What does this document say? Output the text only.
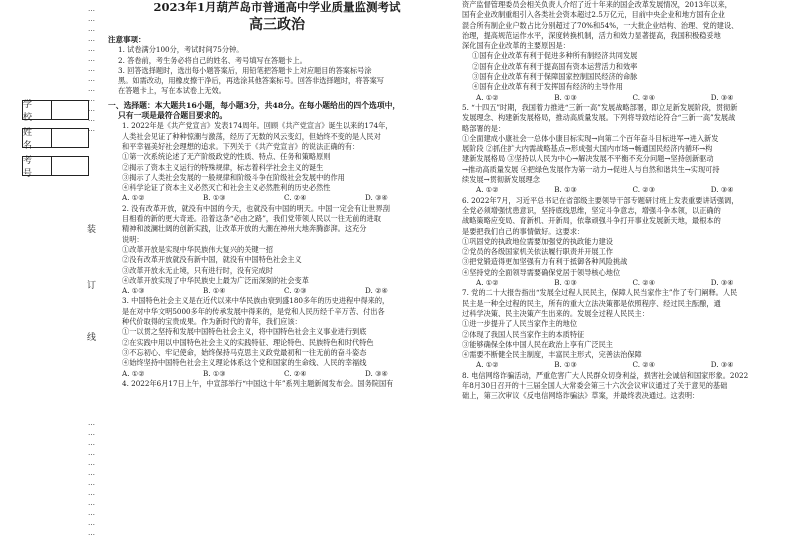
…
…
…
…
…
…
…
…
…
…
…
…
…
装
订
线
学 校
姓 名
考 号
…
…
…
…
…
…
…
…
…
…
…
…

2023年1月葫芦岛市普通高中学业质量监测考试

高三政治

注意事项：

1. 试卷满分100分，考试时间75分钟。

2. 答卷前，考生务必将自己的姓名、考号填写在答题卡上。

3. 回答选择题时，选出每小题答案后，用铅笔把答题卡上对应题目的答案标号涂

黑。如需改动，用橡皮擦干净后，再选涂其他答案标号。回答非选择题时，将答案写

在答题卡上，写在本试卷上无效。

一、选择题：本大题共16小题，每小题3分，共48分。在每小题给出的四个选项中，

只有一项是最符合题目要求的。

1. 2022年是《共产党宣言》发表174周年。回顾《共产党宣言》诞生以来的174年，

人类社会见证了种种惊潮与激荡，经历了无数的风云变幻，但始终不变的是人民对

和平幸福美好社会理想的追求。下列关于《共产党宣言》的说法正确的有：

①第一次系统论述了无产阶级政党的性质、特点、任务和策略原则

②揭示了资本主义运行的特殊规律，标志着科学社会主义的诞生

③揭示了人类社会发展的一般规律和阶级斗争在阶级社会发展中的作用

④科学论证了资本主义必然灭亡和社会主义必然胜利的历史必然性

A. ①②	B. ①③	C. ②④	D. ③④

2. 没有改革开放，就没有中国的今天，也就没有中国的明天。中国一定会有让世界刮

目相看的新的更大奇迹。沿着这条“必由之路”，我们党带领人民以一往无前的进取

精神和波澜壮阔的创新实践，让改革开放的大潮在神州大地奔腾澎湃。这充分

说明：

①改革开放是实现中华民族伟大复兴的关键一招

②没有改革开放就没有新中国，就没有中国特色社会主义

③改革开放永无止境，只有进行时，没有完成时

④改革开放实现了中华民族史上最为广泛而深刻的社会变革

A. ①③	B. ①④	C. ②③	D. ②④

3. 中国特色社会主义是在近代以来中华民族由衰到盛180多年的历史进程中得来的，

是在对中华文明5000多年的传承发展中得来的，是党和人民历经千辛万苦、付出各

种代价取得的宝贵成果。作为新时代的青年，我们应该：

①一以贯之坚持和发展中国特色社会主义，将中国特色社会主义事业进行到底

②在实践中用以中国特色社会主义的实践特征、理论特色、民族特色和时代特色

③不忘初心、牢记使命，始终保持马克思主义政党最初和一往无前的奋斗姿态

④始终坚持中国特色社会主义理论体系这个党和国家的生命线、人民的幸福线

A. ①②	B. ①③	C. ②④	D. ③④

4. 2022年6月17日上午，中宣部举行“中国这十年”系列主题新闻发布会。国务院国有

资产监督管理委员会相关负责人介绍了近十年来的国企改革发展情况，2013年以来，

国有企业改制重组引入各类社会资本超过2.5万亿元，目前中央企业和地方国有企业

混合所有制企业户数占比分别超过了70%和54%，一大批企业结构、治理、党的建设、

治理，提高规范运作水平，深度转换机制，活力和效力显著提高，我国积极稳妥地

深化国有企业改革的主要原因是：

①国有企业改革有利于促进多种所有制经济共同发展

②国有企业改革有利于提高国有资本运营活力和效率

③国有企业改革有利于保障国家控制国民经济的命脉

④国有企业改革有利于发挥国有经济的主导作用

A. ①②	B. ①③	C. ②④	D. ③④

5. “十四五”时期，我国着力推进“三新一高”发展战略部署，即立足新发展阶段，贯彻新

发展理念、构建新发展格局，推动高质量发展。下列将导致结论符合“三新一高”发展战

略部署的是：

①全面建成小康社会一总体小康目标实现→向第二个百年奋斗目标进军→进入新发

展阶段 ②抓住扩大内需战略基点→形成强大国内市场→畅通国民经济内循环→构

建新发展格局 ③坚持以人民为中心→解决发展不平衡不充分问题→坚持创新驱动

→推动高质量发展 ④把绿色发展作为第一动力→促进人与自然和谐共生→实现可持

续发展→贯彻新发展理念

A. ①②	B. ①③	C. ②③	D. ③④

6. 2022年7月，习近平总书记在省部级主要领导干部专题研讨班上发表重要讲话强调，

全党必须增强忧患意识，坚持底线思维，坚定斗争意志，增强斗争本领，以正确的

战略策略应变局、育新机、开新局，依靠顽强斗争打开事业发展新天地，最根本的

是要把我们自己的事情做好。这要求：

①巩固党的执政地位需要加强党的执政能力建设

②党员的各级国家机关依法履行职责并开展工作

③把党锻造得更加坚强有力有利于抵御各种风险挑战

④坚持党的全面领导需要确保党居于领导核心地位

A. ①②	B. ①③	C. ②④	D. ③④

7. 党的二十大报告指出“发展全过程人民民主，保障人民当家作主”作了专门阐释。人民

民主是一种全过程的民主，所有的重大立法决策都是依照程序、经过民主酝酿，通

过科学决策、民主决策产生出来的。发展全过程人民民主：

①进一步提升了人民当家作主的地位

②体现了我国人民当家作主的本质特征

③能够确保全体中国人民在政治上享有广泛民主

④需要不断健全民主制度，丰富民主形式，完善法治保障

A. ①②	B. ①③	C. ②④	D. ③④

8. 电信网络诈骗活动，严重危害广大人民群众切身利益，损害社会诚信和国家形象。2022

年8月30日召开的十三届全国人大常委会第三十六次会议审议通过了关于意见的基础

础上，第三次审议《反电信网络诈骗法》草案，并最终表决通过。这表明：
